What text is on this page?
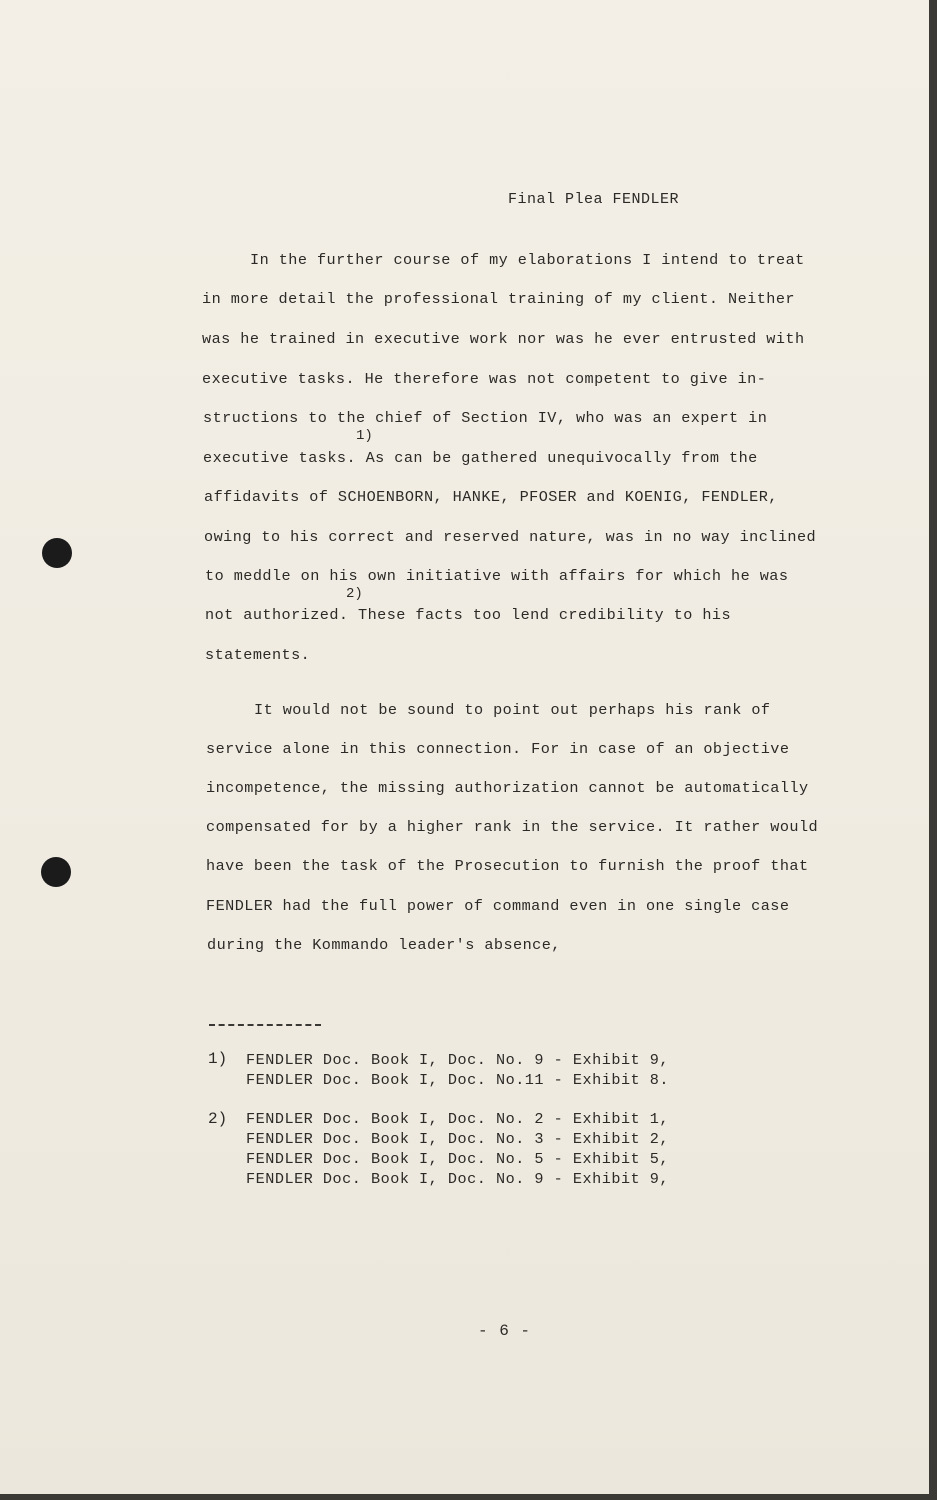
Final Plea FENDLER
In the further course of my elaborations I intend to treat
in more detail the professional training of my client. Neither
was he trained in executive work nor was he ever entrusted with
executive tasks. He therefore was not competent to give in-
structions to the chief of Section IV, who was an expert in
1)
executive tasks. As can be gathered unequivocally from the
affidavits of SCHOENBORN, HANKE, PFOSER and KOENIG, FENDLER,
owing to his correct and reserved nature, was in no way inclined
to meddle on his own initiative with affairs for which he was
2)
not authorized. These facts too lend credibility to his
statements.
It would not be sound to point out perhaps his rank of
service alone in this connection. For in case of an objective
incompetence, the missing authorization cannot be automatically
compensated for by a higher rank in the service. It rather would
have been the task of the Prosecution to furnish the proof that
FENDLER had the full power of command even in one single case
during the Kommando leader's absence,
1) FENDLER Doc. Book I, Doc. No. 9 - Exhibit 9,
FENDLER Doc. Book I, Doc. No.11 - Exhibit 8.
2) FENDLER Doc. Book I, Doc. No. 2 - Exhibit 1,
FENDLER Doc. Book I, Doc. No. 3 - Exhibit 2,
FENDLER Doc. Book I, Doc. No. 5 - Exhibit 5,
FENDLER Doc. Book I, Doc. No. 9 - Exhibit 9,
- 6 -
